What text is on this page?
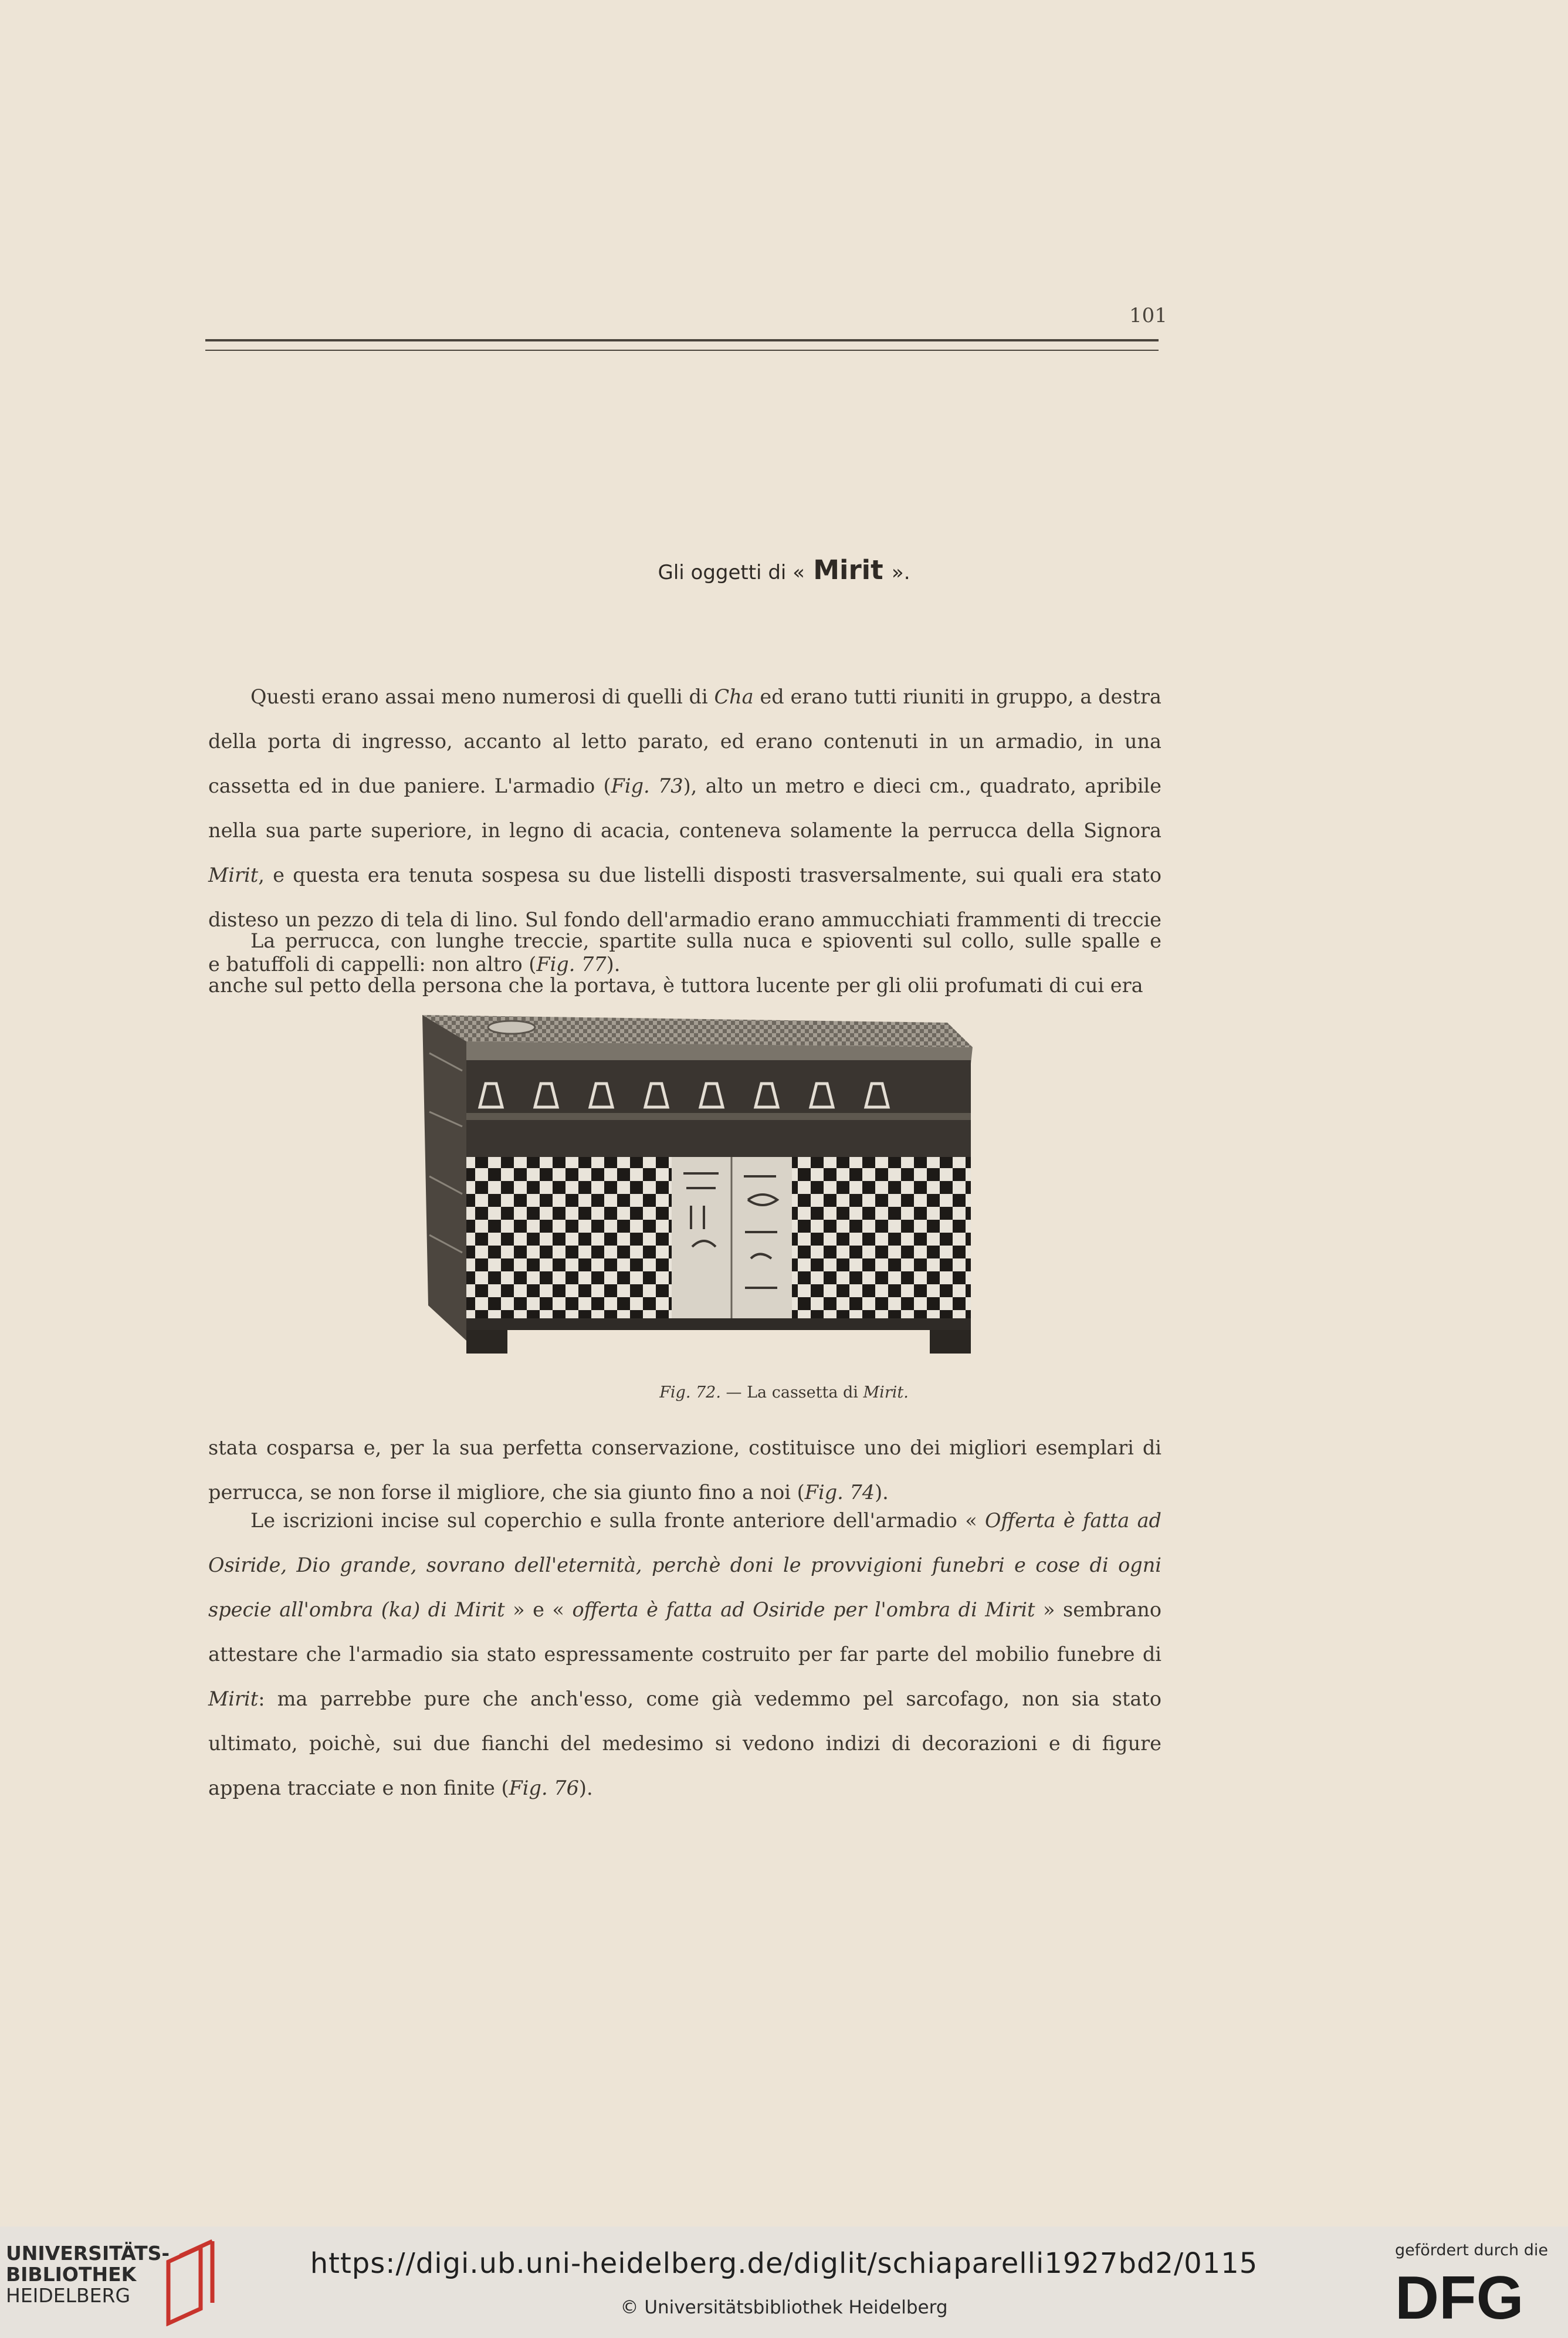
101
Gli oggetti di « Mirit ».

Questi erano assai meno numerosi di quelli di Cha ed erano tutti riuniti in gruppo, a destra della porta di ingresso, accanto al letto parato, ed erano contenuti in un armadio, in una cassetta ed in due paniere. L'armadio (Fig. 73), alto un metro e dieci cm., quadrato, apribile nella sua parte superiore, in legno di acacia, conteneva solamente la perrucca della Signora Mirit, e questa era tenuta sospesa su due listelli disposti trasversalmente, sui quali era stato disteso un pezzo di tela di lino. Sul fondo dell'armadio erano ammucchiati frammenti di treccie e batuffoli di cappelli: non altro (Fig. 77).

La perrucca, con lunghe treccie, spartite sulla nuca e spioventi sul collo, sulle spalle e anche sul petto della persona che la portava, è tuttora lucente per gli olii profumati di cui era

Fig. 72. — La cassetta di Mirit.

stata cosparsa e, per la sua perfetta conservazione, costituisce uno dei migliori esemplari di perrucca, se non forse il migliore, che sia giunto fino a noi (Fig. 74).

Le iscrizioni incise sul coperchio e sulla fronte anteriore dell'armadio « Offerta è fatta ad Osiride, Dio grande, sovrano dell'eternità, perchè doni le provvigioni funebri e cose di ogni specie all'ombra (ka) di Mirit » e « offerta è fatta ad Osiride per l'ombra di Mirit » sembrano attestare che l'armadio sia stato espressamente costruito per far parte del mobilio funebre di Mirit: ma parrebbe pure che anch'esso, come già vedemmo pel sarcofago, non sia stato ultimato, poichè, sui due fianchi del medesimo si vedono indizi di decorazioni e di figure appena tracciate e non finite (Fig. 76).

UNIVERSITÄTS-
BIBLIOTHEK
HEIDELBERG
https://digi.ub.uni-heidelberg.de/diglit/schiaparelli1927bd2/0115
© Universitätsbibliothek Heidelberg
gefördert durch die
DFG
